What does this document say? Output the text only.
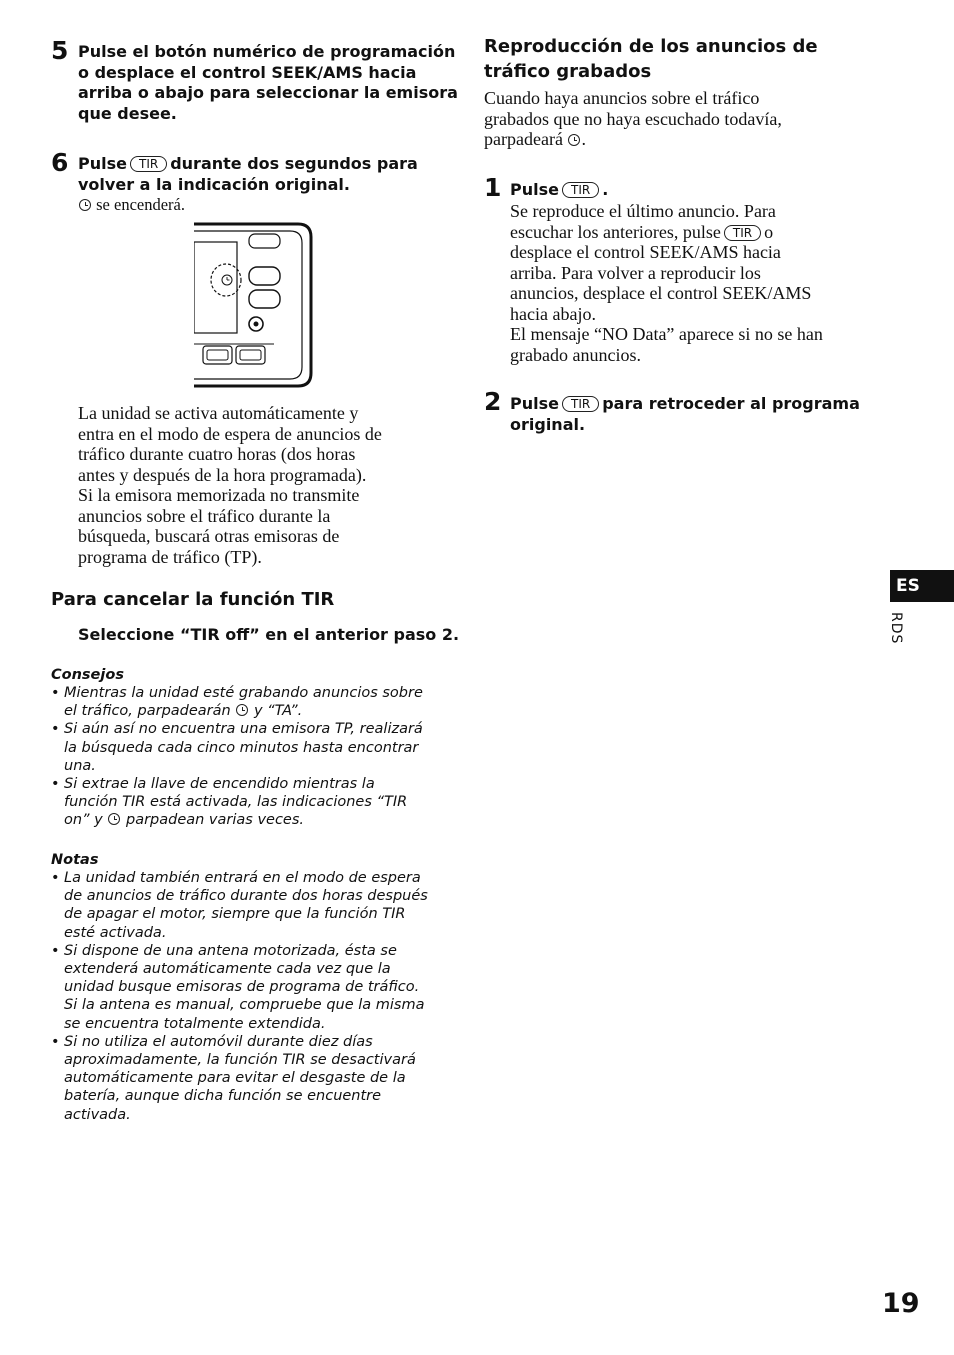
5 Pulse el botón numérico de programación
o desplace el control SEEK/AMS hacia
arriba o abajo para seleccionar la emisora
que desee.
6 Pulse TIR durante dos segundos para
volver a la indicación original.
se encenderá.
La unidad se activa automáticamente y
entra en el modo de espera de anuncios de
tráfico durante cuatro horas (dos horas
antes y después de la hora programada).
Si la emisora memorizada no transmite
anuncios sobre el tráfico durante la
búsqueda, buscará otras emisoras de
programa de tráfico (TP).
Para cancelar la función TIR
Seleccione “TIR off” en el anterior paso 2.
Consejos
• Mientras la unidad esté grabando anuncios sobre
el tráfico, parpadearán y “TA”.
• Si aún así no encuentra una emisora TP, realizará
la búsqueda cada cinco minutos hasta encontrar
una.
• Si extrae la llave de encendido mientras la
función TIR está activada, las indicaciones “TIR
on” y parpadean varias veces.
Notas
• La unidad también entrará en el modo de espera
de anuncios de tráfico durante dos horas después
de apagar el motor, siempre que la función TIR
esté activada.
• Si dispone de una antena motorizada, ésta se
extenderá automáticamente cada vez que la
unidad busque emisoras de programa de tráfico.
Si la antena es manual, compruebe que la misma
se encuentra totalmente extendida.
• Si no utiliza el automóvil durante diez días
aproximadamente, la función TIR se desactivará
automáticamente para evitar el desgaste de la
batería, aunque dicha función se encuentre
activada.
Reproducción de los anuncios de
tráfico grabados
Cuando haya anuncios sobre el tráfico
grabados que no haya escuchado todavía,
parpadeará .
1 Pulse TIR .
Se reproduce el último anuncio. Para
escuchar los anteriores, pulse TIR o
desplace el control SEEK/AMS hacia
arriba. Para volver a reproducir los
anuncios, desplace el control SEEK/AMS
hacia abajo.
El mensaje “NO Data” aparece si no se han
grabado anuncios.
2 Pulse TIR para retroceder al programa
original.
ES
RDS
19
